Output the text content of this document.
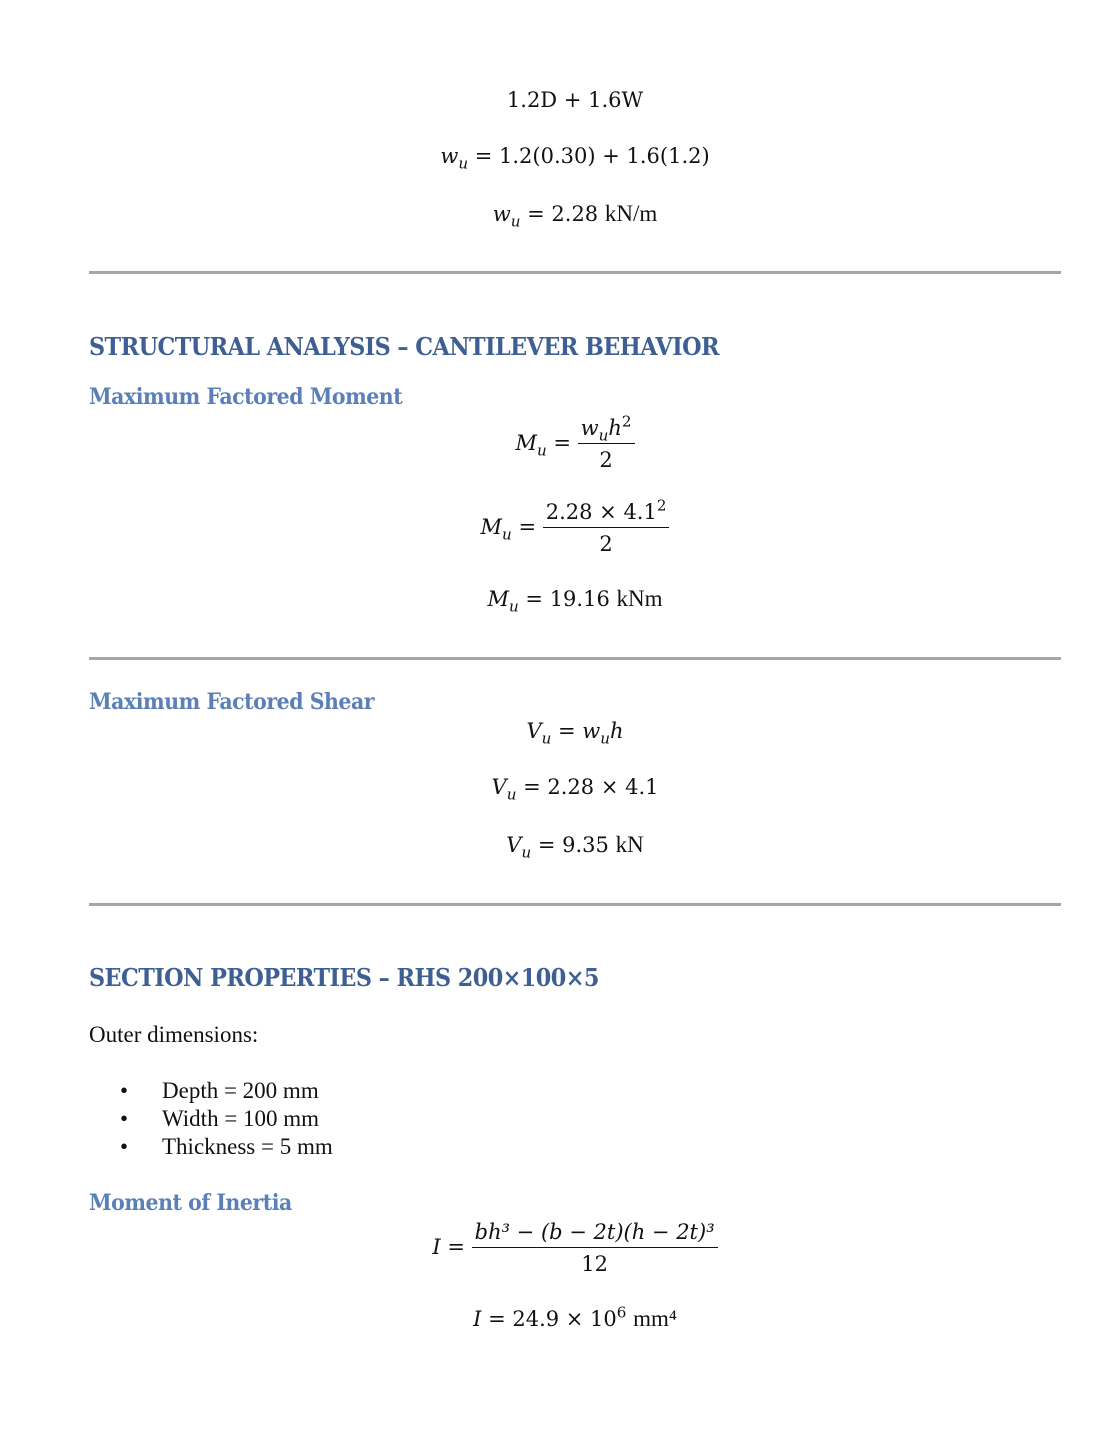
1.2D + 1.6W
$w_u = 1.2(0.30) + 1.6(1.2)$
$w_u = 2.28$ kN/m
STRUCTURAL ANALYSIS – CANTILEVER BEHAVIOR
Maximum Factored Moment
$M_u = \frac{w_uh^2}{2}$
$M_u = \frac{2.28 \times 4.1^2}{2}$
$M_u = 19.16$ kNm
Maximum Factored Shear
$V_u = w_uh$
$V_u = 2.28 \times 4.1$
$V_u = 9.35$ kN
SECTION PROPERTIES – RHS 200×100×5
Outer dimensions:
• Depth = 200 mm
• Width = 100 mm
• Thickness = 5 mm
Moment of Inertia
$I = \frac{\text{bh³ − (b − 2t)(h − 2t)³}}{12}$
$I = 24.9 \times 10^6$ mm⁴
